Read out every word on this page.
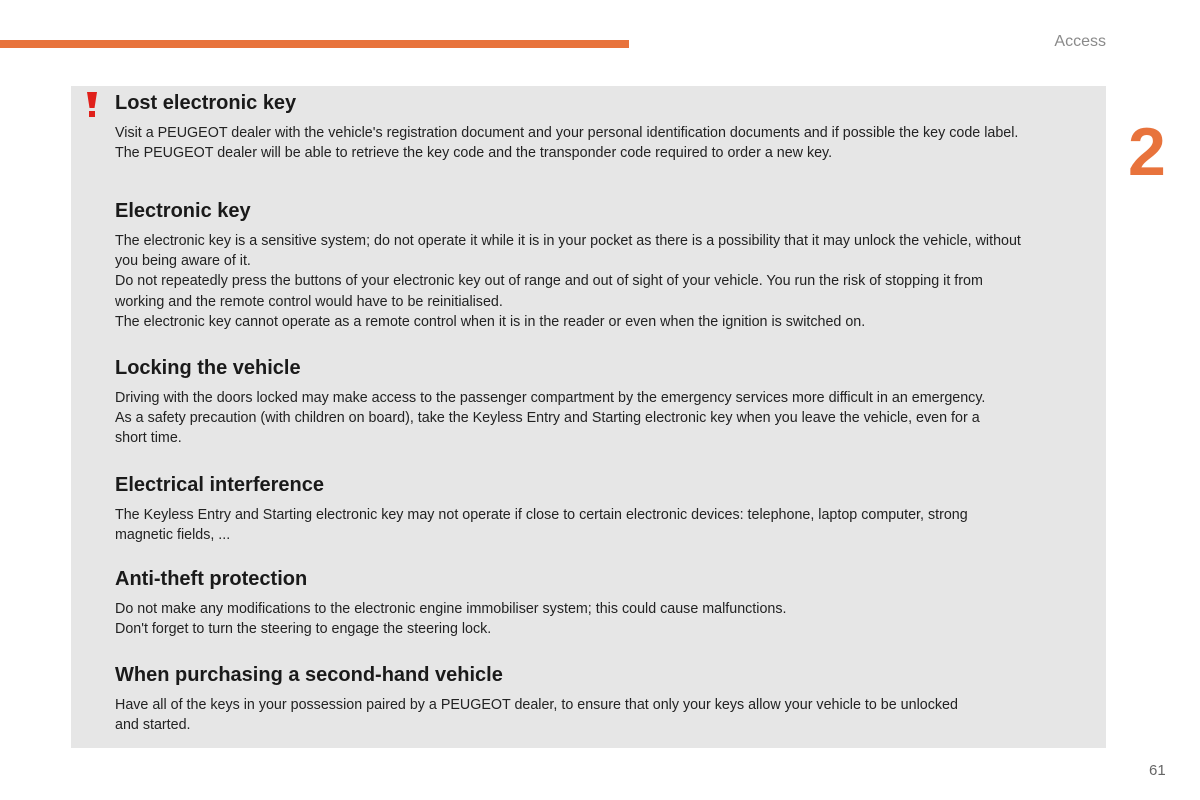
Access
2
Lost electronic key

Visit a PEUGEOT dealer with the vehicle's registration document and your personal identification documents and if possible the key code label.
The PEUGEOT dealer will be able to retrieve the key code and the transponder code required to order a new key.

Electronic key

The electronic key is a sensitive system; do not operate it while it is in your pocket as there is a possibility that it may unlock the vehicle, without
you being aware of it.
Do not repeatedly press the buttons of your electronic key out of range and out of sight of your vehicle. You run the risk of stopping it from
working and the remote control would have to be reinitialised.
The electronic key cannot operate as a remote control when it is in the reader or even when the ignition is switched on.

Locking the vehicle

Driving with the doors locked may make access to the passenger compartment by the emergency services more difficult in an emergency.
As a safety precaution (with children on board), take the Keyless Entry and Starting electronic key when you leave the vehicle, even for a
short time.

Electrical interference

The Keyless Entry and Starting electronic key may not operate if close to certain electronic devices: telephone, laptop computer, strong
magnetic fields, ...

Anti-theft protection

Do not make any modifications to the electronic engine immobiliser system; this could cause malfunctions.
Don't forget to turn the steering to engage the steering lock.

When purchasing a second-hand vehicle

Have all of the keys in your possession paired by a PEUGEOT dealer, to ensure that only your keys allow your vehicle to be unlocked
and started.

61
